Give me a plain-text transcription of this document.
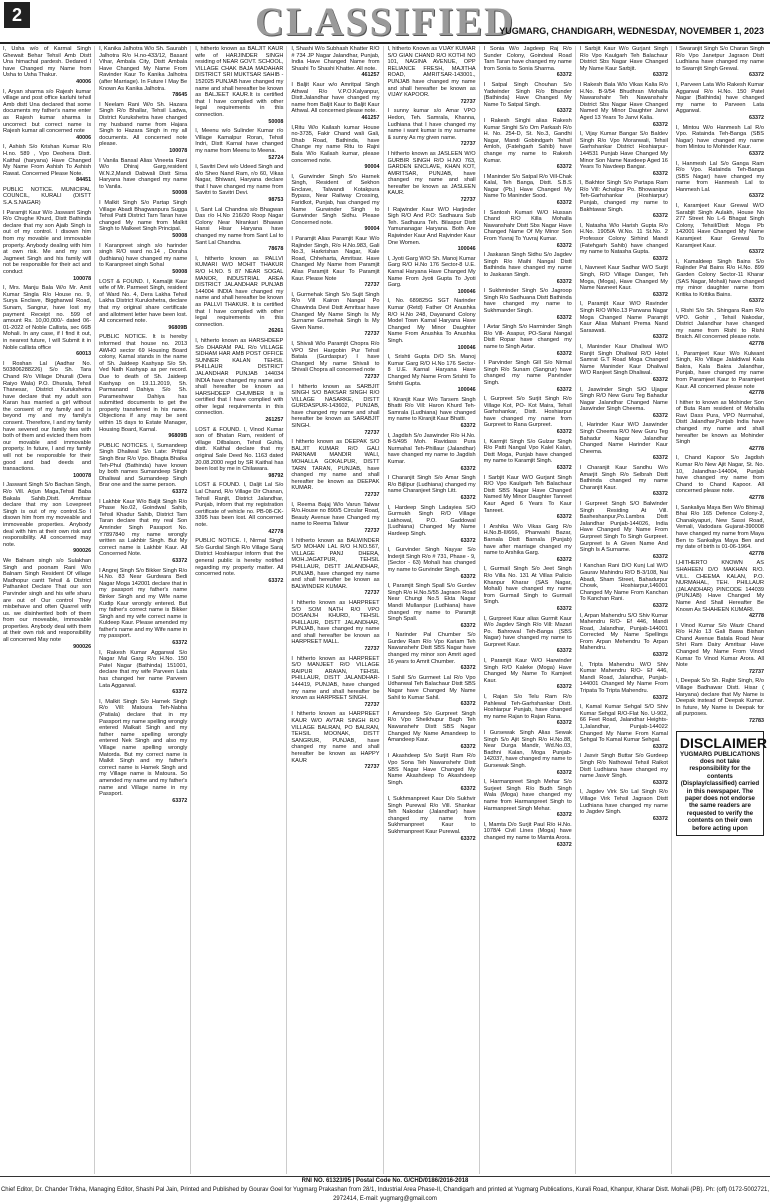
2	CLASSIFIED
YUGMARG, CHANDIGARH, WEDNESDAY, NOVEMBER 1, 2023
I, Usha w/o of Karmal Singh Ghewait Behar Tehsil Amb Distt Una himachal pardesh. Dedared I have Changed my Name from Usha to Usha Thakur.
40006
I, Aryan sharma s/o Rajesh kumar village and post office karluhi tehsil Amb distt Una declared that some documents my father's name enter as Rajesh kumar sharma is uncorrect but correct name is Rajesh kumar all concerned note
40006
I, Ashish S/o Krishan Kumar R/o H.no. 589 , Vpo Deohera Distt. Kaithal (haryana) Have Changed My Name From Ashish To Ashish Rawat. Concerned Please Note.
84451
PUBLIC NOTICE. MUNICIPAL COUNCIL, KURALI (DISTT S.A.S.NAGAR)
I Paramjit Kaur W/o Jaswant Singh R/o Chughe Khurd, Distt Bathinda declare that my son Ajaib Singh is out of my control. I disown him from my movable and immovable property. Anybody dealing with him at own risk. Me and my son Jagmeet Singh and his family will not be responsible for their act and conduct
100078
I, Mrs. Manju Bala W/o Mr. Amit Kumar Singla R/o House no. 9, Surya Enclave, Biggharwal Road, Sunam, Sangrur, have lost my payment Receipt no. 599 of amount Rs. 10,00,000/- dated 06-01-2022 of Noble Callista, sec 66B Mohali. In any case, if I find it out, in nearest future, I will Submit it in Noble callista office
60013
I Roshan Lal (Aadhar No. 503806288226) S/o Sh. Tara Chand R/o Village Dhurali (Dera Raiyo Wala) P.O. Dhurala, Tehsil Thanesar, District Kurukshetra have declare that my adult son Karan has married a girl without the consent of my family and is beyond my and my family's consent. Therefore, I and my family have severed our family ties with both of them and evicted them from our movable and immovable property. In future, I and my family will not be responsible for their good and bad deeds and transactions.
100078
I Jaswant Singh S/o Bachan Singh, R/o Vill. Arjun Maga,Tehsil Baba Bakala Sahib,Distt. Amritsar declare that my son Lovepreet Singh is out of my control.So I disown him from my moveable and immoveable properties. Anybody deal with him at their own risk and responsibility. All concerned may note.
900026
We Balnam singh s/o Sulakhan Singh and poonam Rani W/o Balnam Singh Resident Of village Madhopur cantt Tehsil & District Pathankot Declare That our son Parvinder singh and his wife sharu are out of Our control They misbehave and often Quarrel with us. we disinherited both of them from our moveable, immovable properties. Anybody deal with them at their own risk and responsibility all concerned May note
900026
I, Kanika Jalhotra W/o Sh. Saurabh Jalhotra R/o H.no-433/12, Basant Vihar, Ambala City, Distt Ambala Have Changed My Name From Ravinder Kaur To Kanika Jalhotra (after Marriage). In Future I May Be Known As Kanika Jalhotra.
78645
I Neelam Rani W/o Sh. Hazara Singh R/o Bhallar, Tehsil Ladwa, District Kurukshetra have changed my husband name from Hajara Singh to Hazara Singh in my all documents. All concerned note please.
100078
I Vanila Bansal Alias Vineeta Rani W/o Dhiraj Garg,resident W.N.2,Mandi Dabwali Distt Sirsa Haryana have changed my name to Vanila.
50008
I Malkit Singh S/o Partap Singh Village Abadi Bhagwanpura Sugga Tehsil Patti District Tarn Taran have changed My name from Malkit Singh to Malkeet Singh Principal.
50008
I Karanpreet singh s/o harinder singh R/O ward no.14 , Doraha (ludhiana) have changed my name to Karanpreet singh Sohal
50008
LOST & FOUND. I, Kamaljit Kaur wife of Mr. Parmeet Singh, resident of Ward No. 4, Dera Lakha Tehsil Lakha District Kurukshetra, declare that my original share certificate and allotment letter have been lost. All concerned note.
96809B
PUBLIC NOTICE. It is hereby informed that house no. 2013 AWHO sector 69 Housing Board colony, Karnal stands in the name of Sh. Jaideep Kashyap S/o Sh. Ved Nath Kashyap as per record. Due to death of Sh. Jaideep Kashyap on 19.11.2019, Sh. Parmanand Dahiya S/o Sh. Parameshwar Dahiya has submitted documents to get the property transferred in his name. Objections if any may be sent within 15 days to Estate Manager, Housing Board, Karnal.
96809B
PUBLIC NOTICES. I, Sumandeep Singh Dhaliwal S/o Late: Pritpal Singh Brar R/o Vpo. Bhagta Bhaika Teh-Phul (Bathinda) have known by both names Sumandeep Singh Dhaliwal and Sumandeep Singh Brar one and the same person.
63372
I Lakhbir Kaur W/o Baljit Singh R/o Phase No.02, Goindwal Sahib, Tehsil Khadur Sahib, District Tarn Taran declare that my real Son Amrinder Singh Passport No. Y7897840 my name wrongly written as Lakhbir Singh. But My correct name is Lakhbir Kaur. All Concerned Note.
63372
I Angrej Singh S/o Bikker Singh R/o H.No. 83 Near Gurdwara Bedi Nagar Moga 142001 declare that in my passport my father's name Binker Singh and my Wife name Kudip Kaur wrongly entered. But my father's correct name is Bikker Singh and my wife correct name is Kuldeep Kaur. Please amended my father's name and my Wife name in my passport.
63372
I, Rakesh Kumar Aggarwal S/o Nagar Mal Garg R/o H.No. 150 Patel Nagar (Bathinda) 151001, declare that my wife Parveen Lata has changed her name Parveen Lata Aggarwal.
63372
I, Malkit Singh S/o Harnek Singh R/o Vill: Matoura Teh-Nabha (Patiala) declare that in my Passport my name spelling wrongly entered Malkait Singh and my father name spelling wrongly entered Nek Singh and also my Village name spelling wrongly Matorda. But my correct name is Malkit Singh and my father's correct name is Harnek Singh and my Village name is Matoura. So amended my name and my father's name and Village name in my Passport.
63372
I, hitherto known as BALJIT KAUR wife of HARJINDER SINGH residing of NEAR GOVT. SCHOOL, VILLAGE CHAK BAJA MADAHAR DISTRICT SRI MUKTSAR SAHIB - 152025 PUNJAB have changed my name and shall hereafter be known as BALJEET KAUR.It is certified that I have complied with other legal requirements in this connection.
50008
I, Meenu w/o Sulinder Kumar r/o Village Kamalpur Roran, Tehsil Indri, Distt Karnal have changed my name from Meenu to Meena.
52724
I, Savitri Devi w/o Udeed Singh and d/o Sheo Nand Ram, r/o 60, Vikas Nagar, Bhiwani, Haryana declare that I have changed my name from Savitri to Savitri Devi.
98753
I, Sant Lal Chandna s/o Bhagwan Das r/o H.No 216/20 Roop Nagar Colony Near Nirankari Bhawan Hansi Hisar Haryana have changed my name from Sant Lal to Sant Lal Chandna.
78678
I, hitherto known as PALLVI KUMARI W/O MOHIT THAKUR R/O H.NO. 5 87 NEAR SOGAL MANOR, INDUSTRIAL AREA DISTRICT JALANDHAR PUNJAB 144004 INDIA have changed my name and shall hereafter be known as PALLVI THAKUR. It is certified that I have complied with other legal requirements in this connection.
26261
I, hitherto known as HARSHDEEP S/o DHARAM PAL R/o VILLAGE SIDHAM HAR AMB POST OFFICE SUNNER KALAN TEHSIL PHILLAUR DISTRICT JALANDHAR PUNJAB 144034 INDIA have changed my name and shall hereafter be known as HARSHDEEP CHUMBER It is certified that I have complied with other legal requirements in this connection.
261257
LOST & FOUND. I, Vinod Kumar son of Bhatan Ram, resident of village Dilbalaon, Tehsil Guhla, distt. Kaithal declare that my original Sale Deed No. 1163 dated 20.08.2000 regd by SR Kaithal has been lost by me in Chilawara.
98792
LOST & FOUND. I, Daljit Lal S/o Lal Chand, R/o Village Dir Chanan, Tehsil Ranjit, District Jalandhar, Punjab, inform that my registration certificate of vehicle no. PB-08-CK-3395 has been lost. All concerned note.
42778
PUBLIC NOTICE. I, Nirmal Singh S/o Gurdial Singh R/o Village Saraj District Hoshiarpur inform that the general public is hereby notified regarding my property matter. All concerned note.
63372
I, Shashi W/o Subhash Khatter R/O # 734 JP Nagar Jalandhar, Punjab, India Have Changed Name from Shashi To Shashi Khatter. All note.
461257
I Baljit Kaur w/o Amritpal Singh Athwal R/o V.P.O.Kalyanpur, Distt.Jalandhar have changed my name from Baljit Kaur to Baljit Kaur Athwal. All concerned please note.
461257
I,Ritu W/o Kailash kumar House no-3735, Fakir Chand wali Gali, Dhab Road, Bathinda, have Change my name Ritu to Rajni Bala W/o Kailash kumar, please concerned note.
90004
I, Gurwinder Singh S/o Harnek Singh, Resident of Sekhon Enclave, Talwandi Kotakpura Bypass, Near Railway Crossing, Faridkot, Punjab, has changed my Name Gurwinder Singh to Gurwinder Singh Sidhu. Please Concerned note.
90004
I Paramjit Alias Paramjit Kaur W/o Rajinder Singh, R/o H.No.983, Gali No.3, Harkrishan Nagar, Kale Road, Chheharta, Amritsar. Have Changed My Name from Paramjit Alias Paramjit Kaur To Paramjit Kaur. Please Note
72737
I, Gurmehak Singh S/o Sujit Singh R/o Vill Kairon Nangal Po Chawinda Devi Distt Amritsar have Changed My Name Singh Is My Surname Gurmehak Singh Is My Given Name.
72737
I, Shivali W/o Paramjit Chopra R/o VPO Shri Hargobin Pur Tehsil Batala (Gurdaspur) I have Changed My name Shivali to Shivali Chopra all concerned note
72737
I hitherto known as SARBJIT SINGH S/O BAKSAR SINGH R/O VILLAGE NASARKE, DISTT GURDASPUR-143602, PUNJAB, have changed my name and shall hereafter be known as SARABJIT SINGH.
72737
I hitherto known as DEEPAK S/O BALJIT KUMAR R/O GALI PARNAMI MANDIR WALI, MOHALLA GOKALPUR, DISTT TARN TARAN, PUNJAB, have changed my name and shall hereafter be known as DEEPAK KUMAR.
72737
I, Reema Bajaj W/o Varun Talwar R/o.House no 890/5 Circular Road, Beauty Avenue have Changed my name to Reema Talwar
72737
I hitherto known as BALWINDER S/O MOHAN LAL R/O H.NO.567, VILLAGE PANJ DHERA, MOH.JAGATPUR, TEHSIL PHILLAUR, DISTT JALANDHAR, PUNJAB, have changed my name and shall hereafter be known as BALWINDER KUMAR.
72737
I hitherto known as HARPREET S/O SOM NATH R/O VPO DOSANJH KHURD, TEHSIL PHILLAUR, DISTT JALANDHAR, PUNJAB, have changed my name and shall hereafter be known as HARPREET MALL.
72737
I hitherto known as HARPREET S/O MANJEET R/O VILLAGE RAIPUR ARAIAN, TEHSIL PHILLAUR, DISTT JALANDHAR-144419, PUNJAB, have changed my name and shall hereafter be known as HARPREET SINGH.
72737
I hitherto known as HARPREET KAUR W/O AVTAR SINGH R/O VILLAGE BALRAN, PO BALRAN, TEHSIL MOONAK, DISTT SANGRUR, PUNJAB, have changed my name and shall hereafter be known as HAPPY KAUR
72737
I, hitherto Known as VIJAY KUMAR S/O GIAN CHAND R/O KOTHI NO 101, NAGINA AVENUE, OPP RELIANCE FRESH, MAJITHA ROAD, AMRITSAR-143001., PUNJAB have changed my name and shall hereafter be known as VIJAY KAPOOR.
72737
I sunny kumar s/o Amar VPO Hedon, Teh. Samrala, Khanna, Ludhiana that I have changed my name i want kumar is my surname & sunny As my given name.
72737
I hitherto known as JASLEEN W/O GURBIR SINGH R/O H.NO 763, GARDEN ENCLAVE, KHAN KOT, AMRITSAR, PUNJAB, have changed my name and shall hereafter be known as JASLEEN KAUR.
72737
I Rajwinder Kaur W/O Harjinder Sigh R/O And P.O: Sadhaura Sub Teh. Sadhaura Teh. Bilaspur Distt Yamunanagar Haryana. Both Are Rajwinder Kaur And Rajvinder Kaur One Women.
100046
I, Jyoti Garg W/O Sh. Manoj Kumar Garg R/O H.No 176 Sector-8 U.E. Karnal Haryana Have Changed My Name From Jyoti Gupta To Jyoti Garg.
100046
I, No. 689825G SGT Narinder Kumar (Retd) Father Of Anushka R/O H.No 248, Dayanand Colony Model Town Karnal Haryana Have Changed My Minor Daughter Name From Anushka To Anushka Singh.
100046
I, Srishti Gupta D/O Sh. Manoj Kumar Garg R/O H.No 176 Sector-8 U.E. Karnal Haryana Have Changed My Name From Srishti To Srishti Gupta.
100046
I, Kiranjit Kaur W/o Tarsem Singh Bhatti R/o Vill: Haron Khurd Teh- Samrala (Ludhiana) have changed my name to Kiranjit Kaur Bhatti.
63372
I, Jagdish S/o Jaswinder R/o H.No. B-5/495 Moh. Ravidass Pura Nurmahal Teh-Phillaur (Jalandhar) have changed my name to Jagdish Kumar.
63372
I Charanjit Singh S/o Amar Singh R/o Bijlipur (Ludhiana) changed my name Charanjeet Singh Litt.
63372
I, Hardeep Singh Ladayiea S/O Gurmukh Singh R/O Village Lakhowal, P.O. Gaddowal (Ludhiana) Changed My Name Hardeep Singh.
63372
I, Gurvinder Singh Nayyar S/o Inderjit Singh R/o # 731, Phase - 9, (Sector - 63) Mohali has changed my name to Gurvinder Singh.
63372
I, Paramjit Singh Spall S/o Gurdev Singh R/o H.No.5/55 Jagraon Road Near Chungi No.5 Ekta Nagar Mandi Mullanpur (Ludhiana) have changed my name to Paramjit Singh Spall.
63372
I Narinder Pal Chumber S/o Gurdev Ram R/o Vpo Kariam Teh Nawanshehr Distt SBS Nagar have changed my minor son Amrit aged 16 years to Amrit Chumber.
63372
I Sahil S/o Gurmeet Lal R/o Vpo Udhanwal Teh Balachaur Distt SBS Nagar have Changed My Name Sahil to Kumar Sahil.
63372
I Amandeep S/o Gurpreet Singh R/o Vpo Sheikhupur Bagh Teh Nawanshehr Distt SBS Nagar Changed My Name Amandeep to Amandeep Kaur.
63372
I Akashdeep S/o Surjit Ram R/o Vpo Sona Teh Nawanshehr Distt SBS Nagar Have Changed My Name Akashdeep To Akashdeep Singh.
63372
I, Sukhmanpreet Kaur D/o Sukhvir Singh Purewal R/o Vill. Shankar Teh Nakodar (Jalandhar) have changed my name from Sukhmanpreet Kaur to Sukhmanpreet Kaur Purewal.
63372
I Sonia W/o Jagdeep Raj R/o Sunder Colony, Goindwal Road Tarn Taran have changed my name from Sonia to Sonia Sharma.
63372
I Satpal Singh Chouhan S/o Yadwinder Singh R/o Bhunder (Bathinda) Have Changed My Name To Satpal Singh.
63372
I Rakesh Singhi alias Rakesh Kumar Singhi S/o Om Parkash R/o H. No. 254-D, St. No.3, Gandhi Nagar, Mandi Gobindgarh Tehsil Amloh, (Fatehgarh Sahib) have change my name to Rakesh Kumar.
63372
I Maninder S/o Satpal R/o Vill-Chak Kalal, Teh Banga, Distt. S.B.S Nagar (Pb.) Have Changed My Name To Maninder Sood.
63372
I Santosh Kumari W/O Hussan Chand R/O Killa Mohalla Nawanshahr Distt Sbs Nagar Have Changed Name Of My Minor Son From Yuvraj To Yuvraj Kumar.
63372
I Jaskaran Singh Sidhu S/o Jagdev Singh R/o Maihi Nangal Distt Bathinda have changed my name to Jaskaran Singh.
63372
I Sukhminder Singh S/o Jagroop Singh R/o Sadhuana Distt Bathinda have changed my name to Sukhmander Singh.
63372
I Avtar Singh S/o Harminder Singh R/o Vill- Asapur, PO-Sarai Nangal Distt Ropar have changed my name to Singh Avtar.
63372
I Parvinder Singh Gill S/o Nirmal Singh R/o Sunam (Sangrur) have changed my name Parvinder Singh.
63372
I, Gurpreet S/o Surjit Singh R/o Village Kot, PO- Kot Maira, Tehsil Garhshankar, Distt. Hoshiarpur have changed my name from Gurpreet to Rana Gurpreet.
63372
I, Karmjit Singh S/o Gulzar Singh R/o Patti Nangal Vpo Kalel Kalan, Distt Moga, Punjab have changed my name to Karamjit Singh.
63372
I Sarbjit Kaur W/O Gurjant Singh R/O Vpo Kaulgarh Teh Balachaur Distt SBS Nagar Have Changed Named My Minor Daughter Tanreet Kaur Aged 6 Years To Kaur Tanreet.
63372
I Arshika W/o Vikas Garg R/o H.No.B-II/666, Phanwahi Bazar, Barnala Distt Barnala (Punjab) have after marriage changed my name to Arshika Garg.
63372
I, Gurmail Singh S/o Jeet Singh R/o Villa No. 131 At Villas Palicio Khanpur Kharar (SAS Nagar, Mohali) have changed my name from Gurmail Singh to Gurmail Singh.
63372
I, Gurpreet Kaur alias Gurmit Kaur W/o Jagdev Singh R/o Vill: Mazari Po. Bahrowal Teh-Banga (SBS Nagar) have changed my name to Gurpreet Kaur.
63372
I, Paramjit Kaur W/O Harwinder Singh R/O Kaleke (Moga) Have Changed My Name To Kamjeet Kaur.
63372
I, Rajan S/o Telu Ram R/o Pahlewal Teh-Garhshankar Distt. Hoshiarpur Punjab, have changed my name Rajan to Rajan Rana.
63372
I Gursewak Singh Alias Sewak Singh S/o Ajit Singh R/o H.No.88, Near Durga Mandir, Wd.No.03, Badhni Kalan, Moga Punjab-142037, have changed my name to Gursewak Singh.
63372
I, Harmanpreet Singh Mehar S/o Surjeet Singh R/o Budh Singh Wala (Moga) have changed my name from Harmanpreet Singh to Harmanpreet Singh Mehar.
63372
I, Mamta D/o Surjit Paul R/o H.No. 1078/4 Civil Lines (Moga) have changed my name to Mamta Arora.
63372
I Sarbjit Kaur W/o Gurjant Singh R/o Vpo Kaulgarh Teh Balachaur District Sbs Nagar Have Changed My Name Kaur Sarbjit.
63372
I Rakesh Bala W/o Vikas Kalia R/o H.No. B-9/54 Bhudhran Mohalla Nawanshahr Teh Nawanshahr District Sbs Nagar Have Changed Named My Minor Daughter Janvi Aged 13 Years To Janvi Kalia.
63372
I, Vijay Kumar Bangar S/o Baldev Singh R/o Vpo Moranwali, Tehsil Garhshankar District Hoshiarpur-144531 Punjab Have Changed My Minor Son Name Navdeep Aged 16 Years To Navdeep Bangar.
63372
I, Bakhtor Singh S/o Partapa Ram R/o Vill: Achalpur Po. Bhowanipur Teh-Garhshankar (Hoshiarpur) Punjab, changed my name to Bakhtawar Singh.
63372
I, Natasha W/o Harish Gupta R/o H.No. 1905/A W.No. 11 St.No. 2 Professor Colony Sirhind Mandi (Fatehgarh Sahib) have changed my name to Natasha Gupta.
63372
I, Navneet Kaur Sadhar W/O Surjit Singh, R/O Village Danger, Teh Moga, (Moga), Have Changed My Name Navneet Kaur.
63372
I, Paramjit Kaur W/O Ravinder Singh R/O WNo.13 Parwana Nagar Moga Changed Name Paramjit Kaur Alias Mahant Prema Nand Saraswati.
63372
I, Maninder Kaur Dhaliwal W/O Ranjit Singh Dhaliwal R/O Hotel Samrat G.T Road Moga Changed Name Maninder Kaur Dhaliwal W/O Ranjeet Singh Dhaliwal.
63372
I, Jaswinder Singh S/O Ujagar Singh R/O New Guru Teg Bahadur Nagar Jalandhar Changed Name Jaswinder Singh Cheema.
63372
I, Harinder Kaur W/O Jaswinder Singh Cheema R/O New Guru Teg Bahadur Nagar Jalandhar Changed Name Harinder Kaur Cheema.
63372
I Charanjit Kaur Sandhu W/o Amarjit Singh R/o Selbrah Distt Bathinda changed my name Charanjit Kaur.
63372
I Gurpreet Singh S/O Balwinder Singh Residing At Vill. Basheshanpur,Po.Lambra Distt Jalandhar Punjab-144026, India Have Changed My Name From Gurpreet Singh To Singh Gurpreet. Gurpreet Is A Given Name And Singh Is A Surname.
63372
I Kanchan Rani D/O Kunj Lal W/O Gaurav Mahindru R/O B-3/108, Nai Abadi, Sham Street, Bahadurpur Chowk, Hoshiarpur,146001 Changed My Name From Kanchan To Kanchan Rani.
63372
I, Arpan Mahendru S/O Shiv Kumar Mahendru R/O- Ef 446, Mandi Road, Jalandhar, Punjab-144001 Corrected My Name Spellings From Arpan Mehendru To Arpan Mahendru.
63372
I, Tripta Mahendru W/O Shiv Kumar Mahendru R/O- Ef 446, Mandi Road, Jalandhar, Punjab-144001 Changed My Name From Tripata To Tripta Mahendru.
63372
I, Kamal Kumar Sehgal S/O Shiv Kumar Sehgal R/O-Flat No. U-902, 66 Feet Road, Jalandhar Heights-1,Jalandhar, Punjab-144022 Changed My Name From Kamal Sehgal To Kamal Kumar Sehgal.
63372
I Jasvir Singh Buttar S/o Gurdeep Singh R/o Nathowal Tehsil Raikot Distt Ludhiana have changed my name Jasvir Singh.
63372
I, Jagdev Virk S/o Lal Singh R/o Village Virk Tehsil Jagraon Distt Ludhiana have changed my name to Jagdev Singh.
63372
I Swaranjit Singh S/o Charan Singh R/o Vpo Janetpur Jagraon Distt Ludhiana have changed my name to Swarnjit Singh Grewal.
63372
I, Parveen Lata W/o Rakesh Kumar Aggarwal R/o H.No. 150 Patel Nagar (Bathinda) have changed my name to Parveen Lata Aggarwal.
63372
I, Mintou W/o Hanmesh Lal R/o Vpo. Rataindа Teh-Banga (SBS Nagar) have changed my name from Mintou to Mohinder Kaur.
63372
I, Hanmesh Lal S/o Ganga Ram R/o Vpo. Rataindа Teh-Banga (SBS Nagar) have changed my name from Hanmesh Lal to Hanmesh Lal.
63372
I, Karamjeet Kaur Grewal W/O Sarabjit Singh Aulakh, House No 277 Street No L-6 Bhagat Singh Colony, Tehsil/Distt Moga Pb 142001 Have Changed My Name Karamjeet Kaur Grewal To Karamjeet Kaur.
63372
I, Kamaldeep Singh Bains S/o Rajinder Pal Bains R/o H.No. 899 Garden Colony Sector-11 Kharar (SAS Nagar, Mohali) have changed my minor daughter name from Kritika to Kritika Bains.
63372
I, Rishi S/o Sh. Shingara Ram R/o VPO. Gohir , Tehsil Nakodar, District Jalandhar have changed my name from Rishi to Rishi Braich. All concerned please note.
42778
I, Paramjeet Kaur W/o Kulwant Singh, R/o Village Jalaldiwal Kala Bakra, Kala Bakra Jalandhar, Punjab, have changed my name from Paramjeet Kaur to Paramjeet Kaur. All concerned please note
42778
I hither to known as Mohinder Son of Buta Ram resident of Mohalla Ravi Dass Pura, VPO Nurmahal, Distt Jalandhar,Punjab India have changed my name and shall hereafter be known as Mohinder Singh
42778
I, Chand Kapoor S/o Jagdish Kumar R/o New Ajit Nagar, St. No. 10, Jalandhar-144004, Punjab have changed my name from Chand to Chand Kapoor. All concerned please note.
42778
I, Sankaliya Maya Ben W/o Bhimaji Bhai R/o 165 Defence Colony-2, Chanakyapuri, New Sassi Road, Vemali, Vadodara Gujarat-390008 have changed my name from Maya Ben to Sankaliya Maya Ben and my date of birth is 01-06-1964.
42778
I,HITHERTO KNOWN AS SHAHEEN D/O MAKHAN R/O. VILL. CHEEMA KALAN, P.O. NURMAHAL, TEH. PHILLAUR (JALANDHAR) PINCODE 144039 (PUNJAB) Have Changed My Name And Shall Hereafter Be Known As SHAHEEN KUMARI.
42778
I Vinod Kumar S/o Wazir Chand R/o H.No 13 Gali Bawa Bishan Chand Avenue Batala Road Near Shri Ram Dairy Amritsar Have Changed My Name From Vinod Kumar To Vinod Kumar Arora. All Note
72737
I, Deepak S/o Sh. Rajbir Singh, R/o Village Badhawar Distt. Hisar ( Haryana) declare that My Name is Deepak instead of Deepak Kumar. In future, My Name is Deepak for all purposes.
72783
DISCLAIMER
YUGMARG PUBLICATIONS does not take responsibility for the contents (Display/classified) carried in this newspaper. The paper does not endorse the same readers are requested to verify the contents on their own before acting upon
RNI NO. 61323/95 | Postal Code No. G/CHD/0186/2016-2018
Chief Editor, Dr. Chander Trikha, Managing Editor, Shashi Pal Jain, Printed and Published by Gourav Goel for Yugmarg Prakashan from 28/1, Industrial Area Phase-II, Chandigarh and printed at Yugmarg Publications, Kurali Road, Khanpur, Kharar Distt. Mohali (PB). Ph: (off) 0172-5002721, 2972414, E-mail: yugmarg@gmail.com
